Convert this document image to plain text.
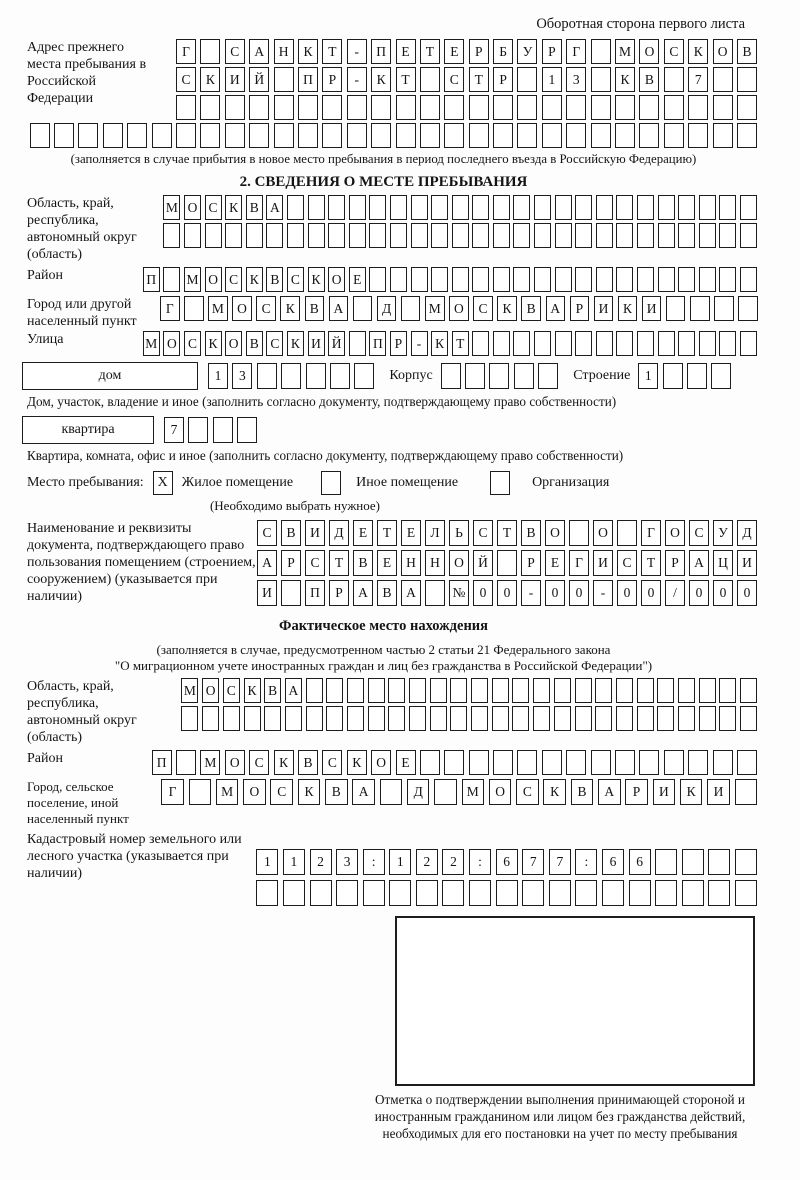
Оборотная сторона первого листа
Адрес прежнего места пребывания в Российской Федерации
Г	С	А	Н	К	Т	-	П	Е	Т	Е	Р	Б	У	Р	Г	М	О	С	К	О	В
С	К	И	Й	П	Р	-	К	Т	С	Т	Р	1	3	К	В	7
(заполняется в случае прибытия в новое место пребывания в период последнего въезда в Российскую Федерацию)
2. СВЕДЕНИЯ О МЕСТЕ ПРЕБЫВАНИЯ
Область, край, республика, автономный округ (область)
М О С К В А
Район	П М О С К В С К О Е
Город или другой населенный пункт
Г	М О	С	К	В	А	Д	М О	С	К	В	А	Р	И	К	И
Улица	М О С К О В С К И Й П Р	-	К Т
дом	1	3	Корпус	Строение	1
Дом, участок, владение и иное (заполнить согласно документу, подтверждающему право собственности)
квартира	7
Квартира, комната, офис и иное (заполнить согласно документу, подтверждающему право собственности)
Место пребывания: X Жилое помещение	Иное помещение	Организация
(Необходимо выбрать нужное)
Наименование и реквизиты документа, подтверждающего право пользования помещением (строением, сооружением) (указывается при наличии)
С	В	И	Д	Е	Т	Е	Л	Ь	С	Т	В	О	О	Г	О	С	У	Д
А	Р	С	Т	В	Е	Н	Н	О	Й	Р	Е	Г	И	С	Т	Р	А	Ц	И
И	П	Р	А	В	А	№	0	0	-	0	0	-	0	0	/	0	0	0
Фактическое место нахождения
(заполняется в случае, предусмотренном частью 2 статьи 21 Федерального закона
"О миграционном учете иностранных граждан и лиц без гражданства в Российской Федерации")
Область, край, республика, автономный округ (область)
М О С К В А
Район	П	М	О	С	К	В	С	К	О	Е
Город, сельское поселение, иной населенный пункт
Г	М	О	С	К	В	А	Д	М	О	С	К	В	А	Р	И	К	И
Кадастровый номер земельного или лесного участка (указывается при наличии)
1	1	2	3	:	1	2	2	:	6	7	7	:	6	6
Отметка о подтверждении выполнения принимающей стороной и иностранным гражданином или лицом без гражданства действий, необходимых для его постановки на учет по месту пребывания
